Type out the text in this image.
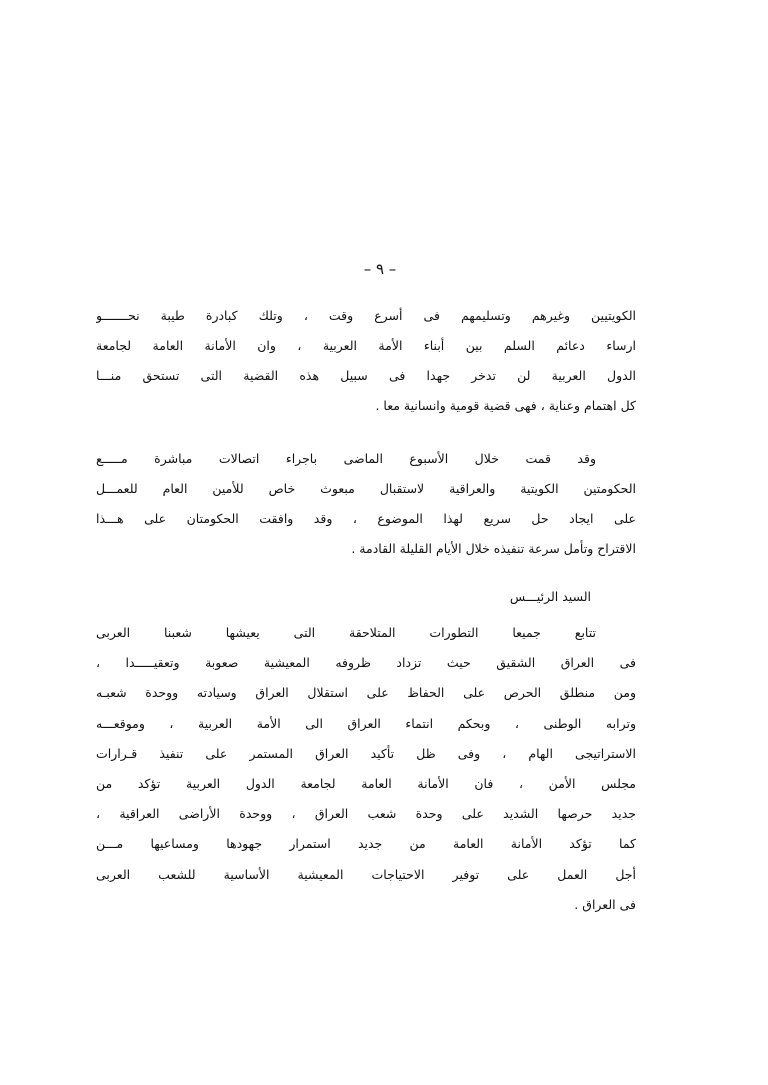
– ٩ –
الكويتيين وغيرهم وتسليمهم فى أسرع وقت ، وتلك كبادرة طيبة نحـــــــو
ارساء دعائم السلم بين أبناء الأمة العربية ، وان الأمانة العامة لجامعة
الدول العربية لن تدخر جهدا فى سبيل هذه القضية التى تستحق منـــا
كل اهتمام وعناية ، فهى قضية قومية وانسانية معا .
وقد قمت خلال الأسبوع الماضى باجراء اتصالات مباشرة مـــــع
الحكومتين الكويتية والعراقية لاستقبال مبعوث خاص للأمين العام للعمـــل
على ايجاد حل سريع لهذا الموضوع ، وقد وافقت الحكومتان على هـــذا
الاقتراح وتأمل سرعة تنفيذه خلال الأيام القليلة القادمة .
السيد الرئيـــس
تتابع جميعا التطورات المتلاحقة التى يعيشها شعبنا العربى
فى العراق الشقيق حيث تزداد ظروفه المعيشية صعوبة وتعقيـــــدا ،
ومن منطلق الحرص على الحفاظ على استقلال العراق وسيادته ووحدة شعبـه
وترابه الوطنى ، وبحكم انتماء العراق الى الأمة العربية ، وموقعـــه
الاستراتيجى الهام ، وفى ظل تأكيد العراق المستمر على تنفيذ قـرارات
مجلس الأمن ، فان الأمانة العامة لجامعة الدول العربية تؤكد من
جديد حرصها الشديد على وحدة شعب العراق ، ووحدة الأراضى العراقية ،
كما تؤكد الأمانة العامة من جديد استمرار جهودها ومساعيها مـــن
أجل العمل على توفير الاحتياجات المعيشية الأساسية للشعب العربى
فى العراق .
